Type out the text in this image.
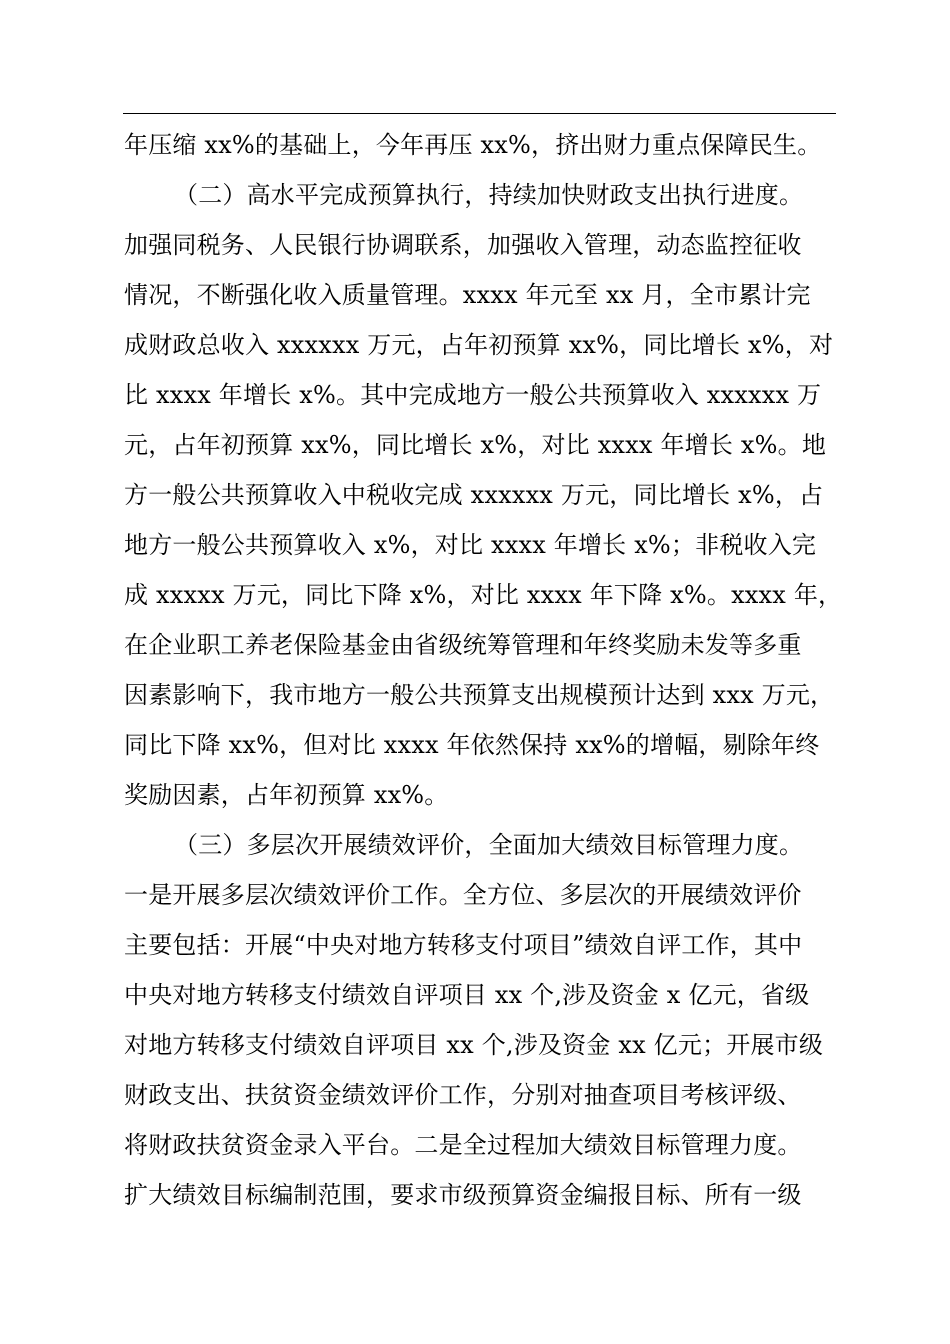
年压缩 xx%的基础上，今年再压 xx%，挤出财力重点保障民生。
（二）高水平完成预算执行，持续加快财政支出执行进度。
加强同税务、人民银行协调联系，加强收入管理，动态监控征收
情况，不断强化收入质量管理。xxxx 年元至 xx 月，全市累计完
成财政总收入 xxxxxx 万元，占年初预算 xx%，同比增长 x%，对
比 xxxx 年增长 x%。其中完成地方一般公共预算收入 xxxxxx 万
元，占年初预算 xx%，同比增长 x%，对比 xxxx 年增长 x%。地
方一般公共预算收入中税收完成 xxxxxx 万元，同比增长 x%，占
地方一般公共预算收入 x%，对比 xxxx 年增长 x%；非税收入完
成 xxxxx 万元，同比下降 x%，对比 xxxx 年下降 x%。xxxx 年，
在企业职工养老保险基金由省级统筹管理和年终奖励未发等多重
因素影响下，我市地方一般公共预算支出规模预计达到 xxx 万元，
同比下降 xx%，但对比 xxxx 年依然保持 xx%的增幅，剔除年终
奖励因素，占年初预算 xx%。
（三）多层次开展绩效评价，全面加大绩效目标管理力度。
一是开展多层次绩效评价工作。全方位、多层次的开展绩效评价
主要包括：开展“中央对地方转移支付项目”绩效自评工作，其中
中央对地方转移支付绩效自评项目 xx 个,涉及资金 x 亿元，省级
对地方转移支付绩效自评项目 xx 个,涉及资金 xx 亿元；开展市级
财政支出、扶贫资金绩效评价工作，分别对抽查项目考核评级、
将财政扶贫资金录入平台。二是全过程加大绩效目标管理力度。
扩大绩效目标编制范围，要求市级预算资金编报目标、所有一级
